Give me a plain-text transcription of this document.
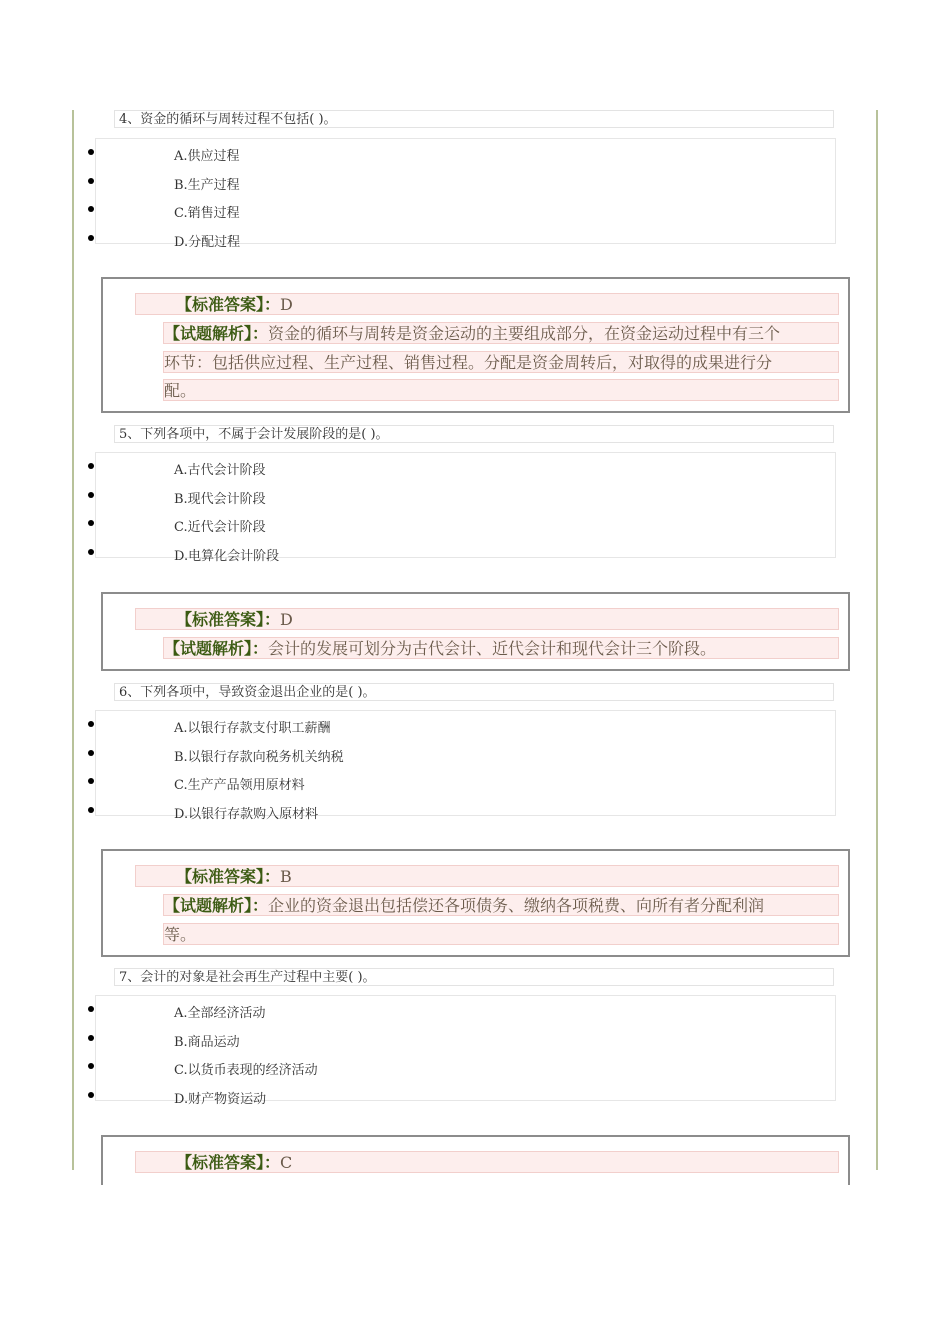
4、资金的循环与周转过程不包括( )。
A.供应过程
B.生产过程
C.销售过程
D.分配过程
【标准答案】：D
【试题解析】：资金的循环与周转是资金运动的主要组成部分，在资金运动过程中有三个
环节：包括供应过程、生产过程、销售过程。分配是资金周转后，对取得的成果进行分
配。
5、下列各项中，不属于会计发展阶段的是( )。
A.古代会计阶段
B.现代会计阶段
C.近代会计阶段
D.电算化会计阶段
【标准答案】：D
【试题解析】：会计的发展可划分为古代会计、近代会计和现代会计三个阶段。
6、下列各项中，导致资金退出企业的是( )。
A.以银行存款支付职工薪酬
B.以银行存款向税务机关纳税
C.生产产品领用原材料
D.以银行存款购入原材料
【标准答案】：B
【试题解析】：企业的资金退出包括偿还各项债务、缴纳各项税费、向所有者分配利润
等。
7、会计的对象是社会再生产过程中主要( )。
A.全部经济活动
B.商品运动
C.以货币表现的经济活动
D.财产物资运动
【标准答案】：C
